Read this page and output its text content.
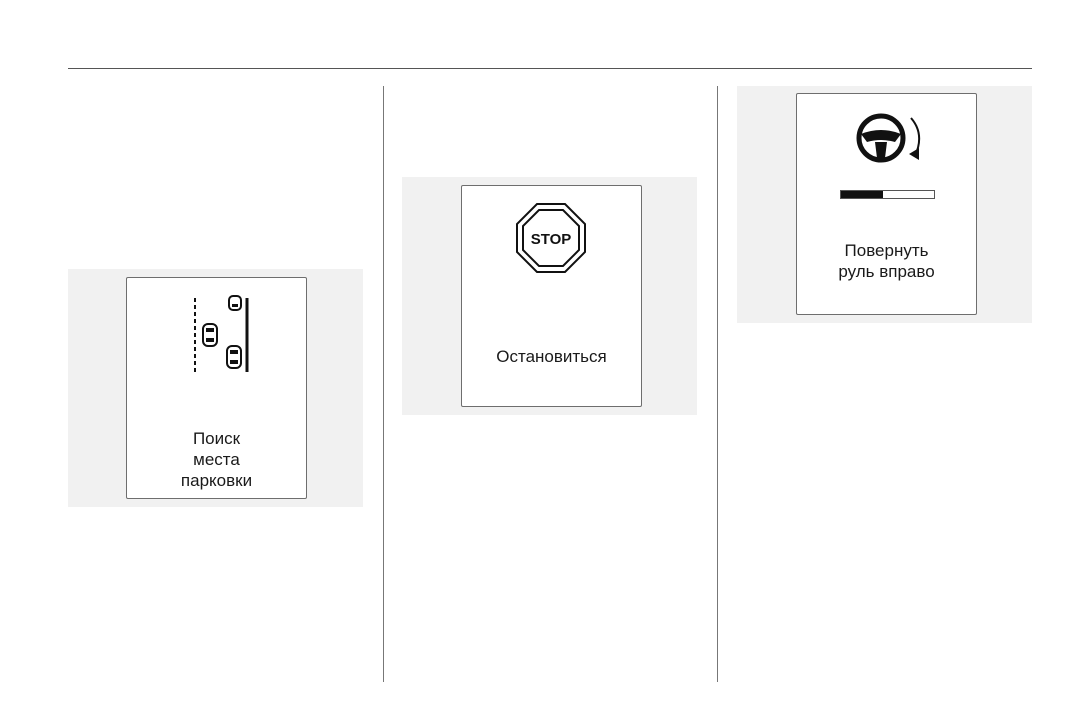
Поиск
места
парковки
STOP
Остановиться
Повернуть
руль вправо
